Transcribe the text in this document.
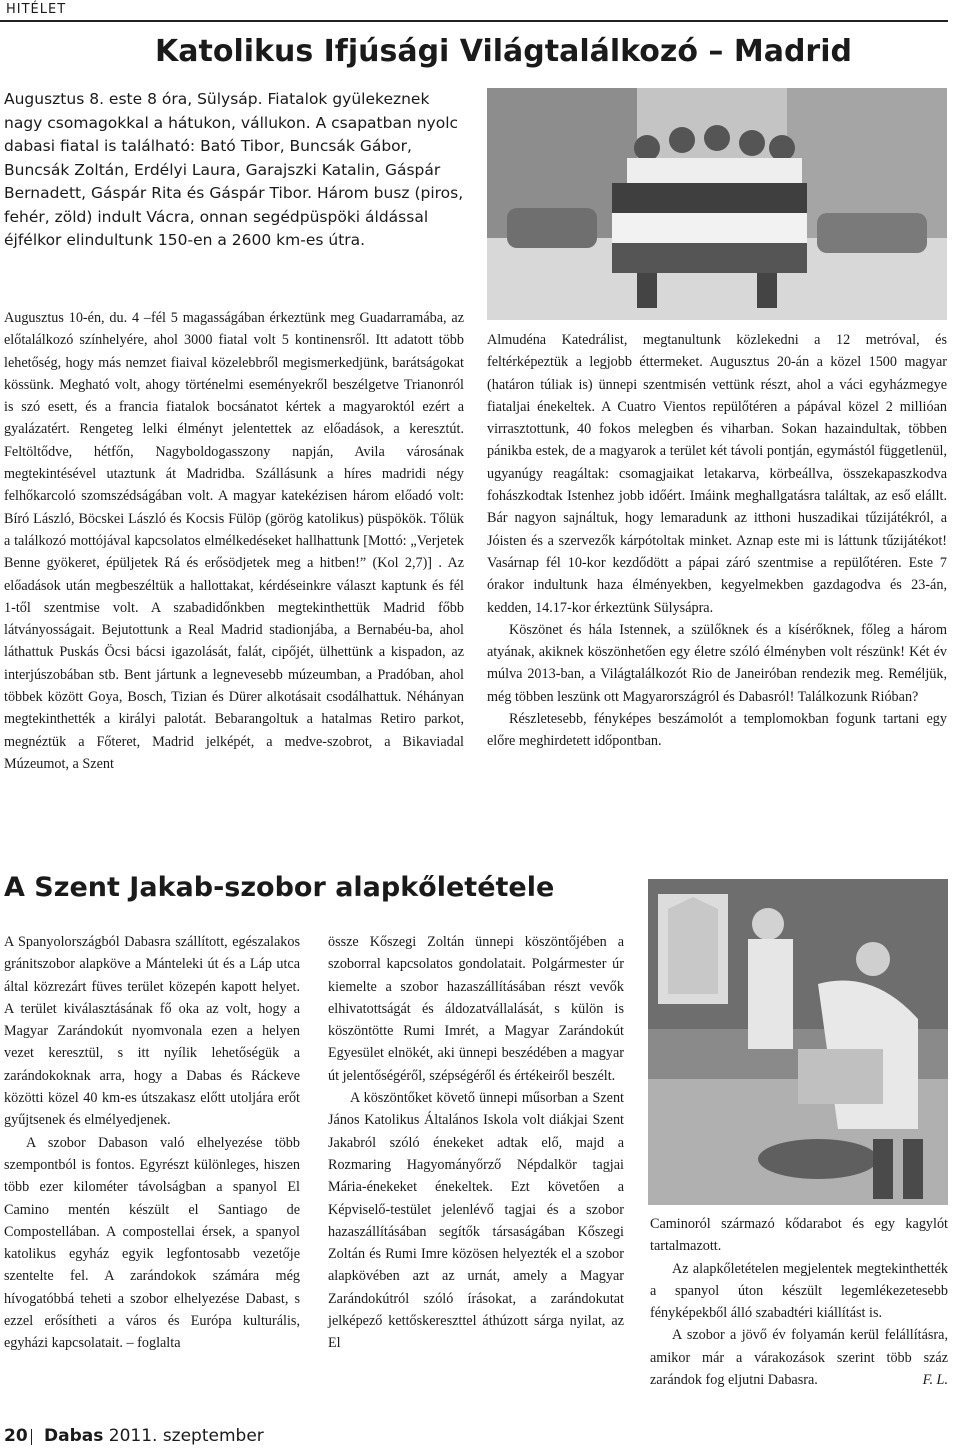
HITÉLET
Katolikus Ifjúsági Világtalálkozó – Madrid

Augusztus 8. este 8 óra, Sülysáp. Fiatalok gyülekeznek nagy csomagokkal a hátukon, vállukon. A csapatban nyolc dabasi fiatal is található: Bató Tibor, Buncsák Gábor, Buncsák Zoltán, Erdélyi Laura, Garajszki Katalin, Gáspár Bernadett, Gáspár Rita és Gáspár Tibor. Három busz (piros, fehér, zöld) indult Vácra, onnan segédpüspöki áldással éjfélkor elindultunk 150-en a 2600 km-es útra.

Augusztus 10-én, du. 4 –fél 5 magasságában érkeztünk meg Guadarramába, az előtalálkozó színhelyére, ahol 3000 fiatal volt 5 kontinensről. Itt adatott több lehetőség, hogy más nemzet fiaival közelebbről megismerkedjünk, barátságokat kössünk. Megható volt, ahogy történelmi eseményekről beszélgetve Trianonról is szó esett, és a francia fiatalok bocsánatot kértek a magyaroktól ezért a gyalázatért. Rengeteg lelki élményt jelentettek az előadások, a keresztút. Feltöltődve, hétfőn, Nagyboldogasszony napján, Avila városának megtekintésével utaztunk át Madridba. Szállásunk a híres madridi négy felhőkarcoló szomszédságában volt. A magyar katekézisen három előadó volt: Bíró László, Böcskei László és Kocsis Fülöp (görög katolikus) püspökök. Tőlük a találkozó mottójával kapcsolatos elmélkedéseket hallhattunk [Mottó: „Verjetek Benne gyökeret, épüljetek Rá és erősödjetek meg a hitben!” (Kol 2,7)] . Az előadások után megbeszéltük a hallottakat, kérdéseinkre választ kaptunk és fél 1-től szentmise volt. A szabadidőnkben megtekinthettük Madrid főbb látványosságait. Bejutottunk a Real Madrid stadionjába, a Bernabéu-ba, ahol láthattuk Puskás Öcsi bácsi igazolását, falát, cipőjét, ülhettünk a kispadon, az interjúszobában stb. Bent jártunk a legnevesebb múzeumban, a Pradóban, ahol többek között Goya, Bosch, Tizian és Dürer alkotásait csodálhattuk. Néhányan megtekinthették a királyi palotát. Bebarangoltuk a hatalmas Retiro parkot, megnéztük a Főteret, Madrid jelképét, a medve-szobrot, a Bikaviadal Múzeumot, a Szent

Almudéna Katedrálist, megtanultunk közlekedni a 12 metróval, és feltérképeztük a legjobb éttermeket. Augusztus 20-án a közel 1500 magyar (határon túliak is) ünnepi szentmisén vettünk részt, ahol a váci egyházmegye fiataljai énekeltek. A Cuatro Vientos repülőtéren a pápával közel 2 millióan virrasztottunk, 40 fokos melegben és viharban. Sokan hazaindultak, többen pánikba estek, de a magyarok a terület két távoli pontján, egymástól függetlenül, ugyanúgy reagáltak: csomagjaikat letakarva, körbeállva, összekapaszkodva fohászkodtak Istenhez jobb időért. Imáink meghallgatásra találtak, az eső elállt. Bár nagyon sajnáltuk, hogy lemaradunk az itthoni huszadikai tűzijátékról, a Jóisten és a szervezők kárpótoltak minket. Aznap este mi is láttunk tűzijátékot! Vasárnap fél 10-kor kezdődött a pápai záró szentmise a repülőtéren. Este 7 órakor indultunk haza élményekben, kegyelmekben gazdagodva és 23-án, kedden, 14.17-kor érkeztünk Sülysápra.

Köszönet és hála Istennek, a szülőknek és a kísérőknek, főleg a három atyának, akiknek köszönhetően egy életre szóló élményben volt részünk! Két év múlva 2013-ban, a Világtalálkozót Rio de Janeiróban rendezik meg. Reméljük, még többen leszünk ott Magyarországról és Dabasról! Találkozunk Rióban?

Részletesebb, fényképes beszámolót a templomokban fogunk tartani egy előre meghirdetett időpontban.

A Szent Jakab-szobor alapkőletétele

A Spanyolországból Dabasra szállított, egészalakos gránitszobor alapköve a Mánteleki út és a Láp utca által közrezárt füves terület közepén kapott helyet. A terület kiválasztásának fő oka az volt, hogy a Magyar Zarándokút nyomvonala ezen a helyen vezet keresztül, s itt nyílik lehetőségük a zarándokoknak arra, hogy a Dabas és Ráckeve közötti közel 40 km-es útszakasz előtt utoljára erőt gyűjtsenek és elmélyedjenek.

A szobor Dabason való elhelyezése több szempontból is fontos. Egyrészt különleges, hiszen több ezer kilométer távolságban a spanyol El Camino mentén készült el Santiago de Compostellában. A compostellai érsek, a spanyol katolikus egyház egyik legfontosabb vezetője szentelte fel. A zarándokok számára még hívogatóbbá teheti a szobor elhelyezése Dabast, s ezzel erősítheti a város és Európa kulturális, egyházi kapcsolatait. – foglalta

össze Kőszegi Zoltán ünnepi köszöntőjében a szoborral kapcsolatos gondolatait. Polgármester úr kiemelte a szobor hazaszállításában részt vevők elhivatottságát és áldozatvállalását, s külön is köszöntötte Rumi Imrét, a Magyar Zarándokút Egyesület elnökét, aki ünnepi beszédében a magyar út jelentőségéről, szépségéről és értékeiről beszélt.

A köszöntőket követő ünnepi műsorban a Szent János Katolikus Általános Iskola volt diákjai Szent Jakabról szóló énekeket adtak elő, majd a Rozmaring Hagyományőrző Népdalkör tagjai Mária-énekeket énekeltek. Ezt követően a Képviselő-testület jelenlévő tagjai és a szobor hazaszállításában segítők társaságában Kőszegi Zoltán és Rumi Imre közösen helyezték el a szobor alapkövében azt az urnát, amely a Magyar Zarándokútról szóló írásokat, a zarándokutat jelképező kettőskereszttel áthúzott sárga nyilat, az El

Caminoról származó kődarabot és egy kagylót tartalmazott.

Az alapkőletételen megjelentek megtekinthették a spanyol úton készült legemlékezetesebb fényképekből álló szabadtéri kiállítást is.

A szobor a jövő év folyamán kerül felállításra, amikor már a várakozások szerint több száz zarándok fog eljutni Dabasra.	F. L.

20 Dabas 2011. szeptember
